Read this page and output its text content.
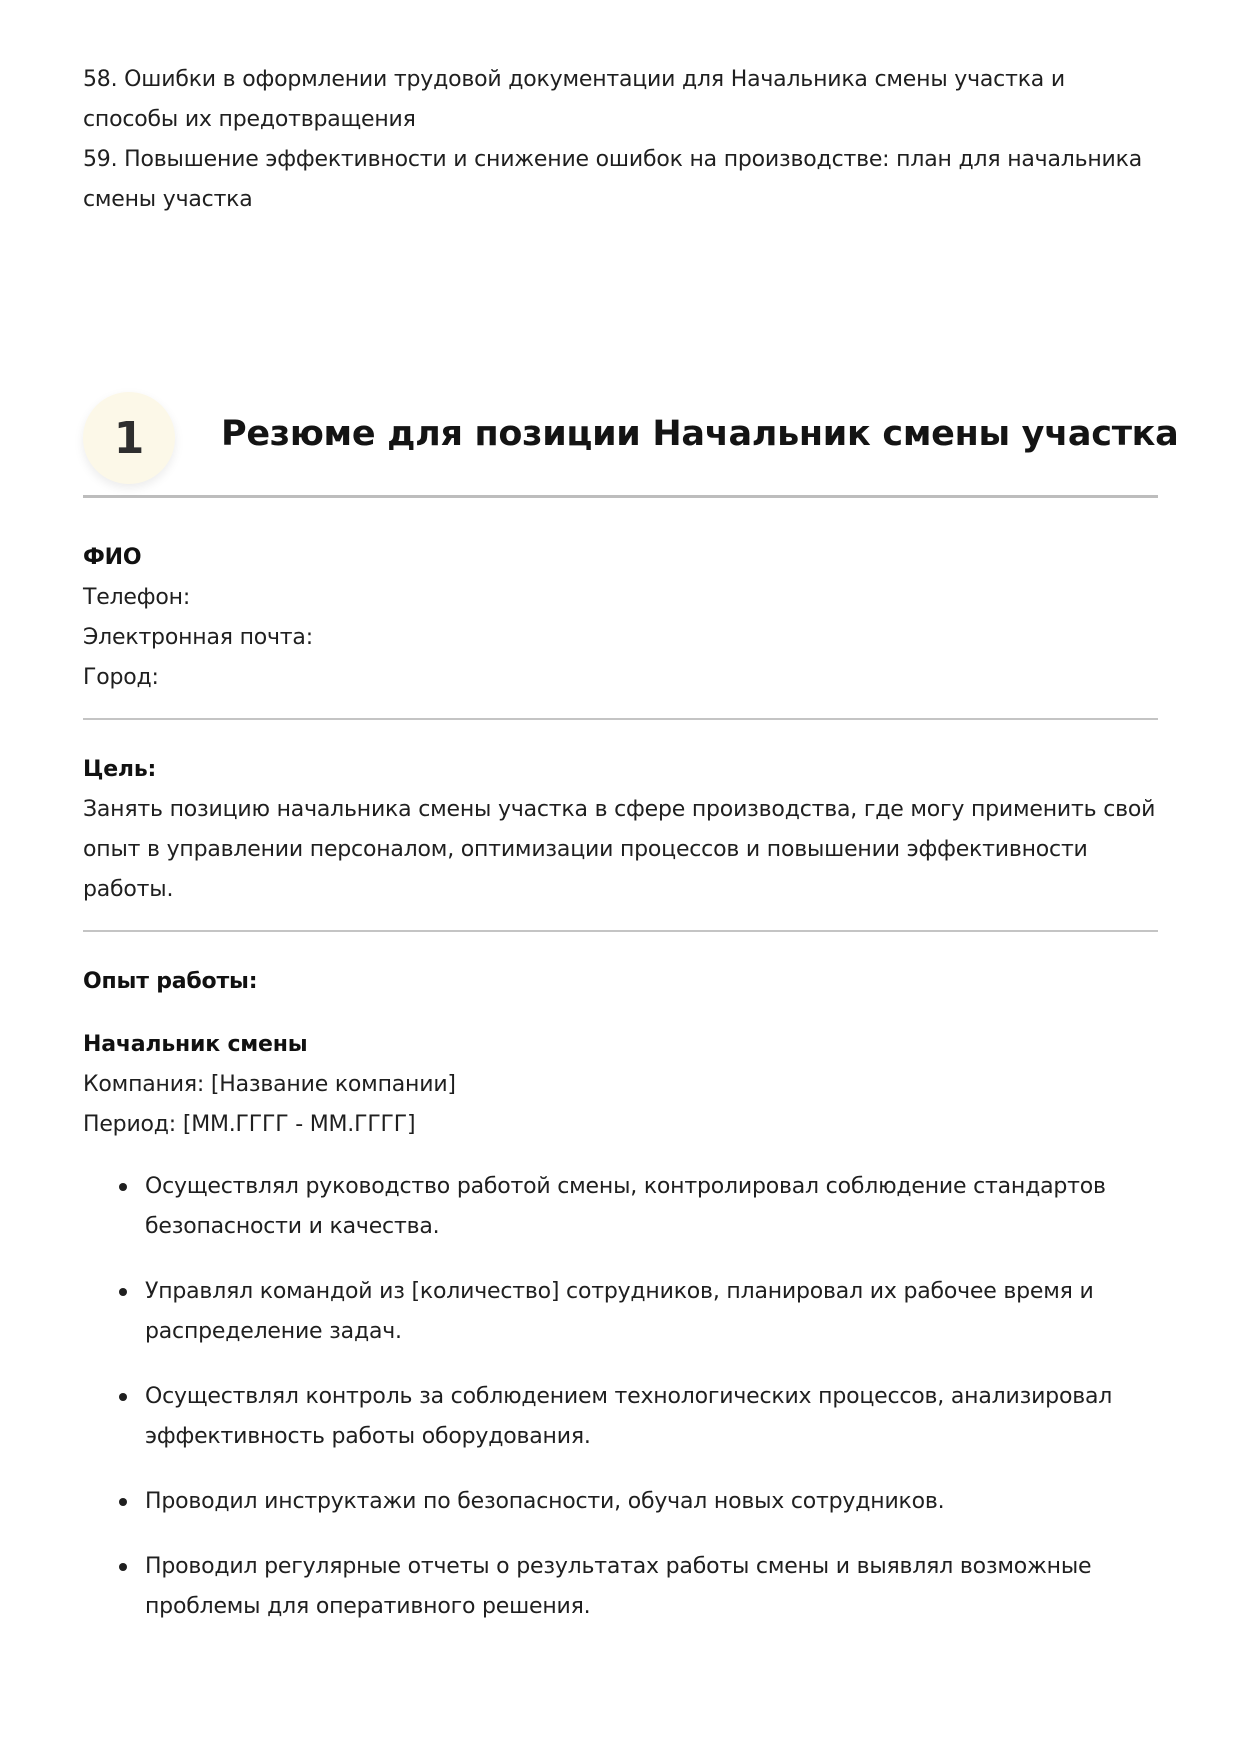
58. Ошибки в оформлении трудовой документации для Начальника смены участка и способы их предотвращения

59. Повышение эффективности и снижение ошибок на производстве: план для начальника смены участка

1	Резюме для позиции Начальник смены участка

ФИО

Телефон:

Электронная почта:

Город:

Цель:

Занять позицию начальника смены участка в сфере производства, где могу применить свой опыт в управлении персоналом, оптимизации процессов и повышении эффективности работы.

Опыт работы:

Начальник смены

Компания: [Название компании]

Период: [ММ.ГГГГ - ММ.ГГГГ]

Осуществлял руководство работой смены, контролировал соблюдение стандартов безопасности и качества.
Управлял командой из [количество] сотрудников, планировал их рабочее время и распределение задач.
Осуществлял контроль за соблюдением технологических процессов, анализировал эффективность работы оборудования.
Проводил инструктажи по безопасности, обучал новых сотрудников.
Проводил регулярные отчеты о результатах работы смены и выявлял возможные проблемы для оперативного решения.
